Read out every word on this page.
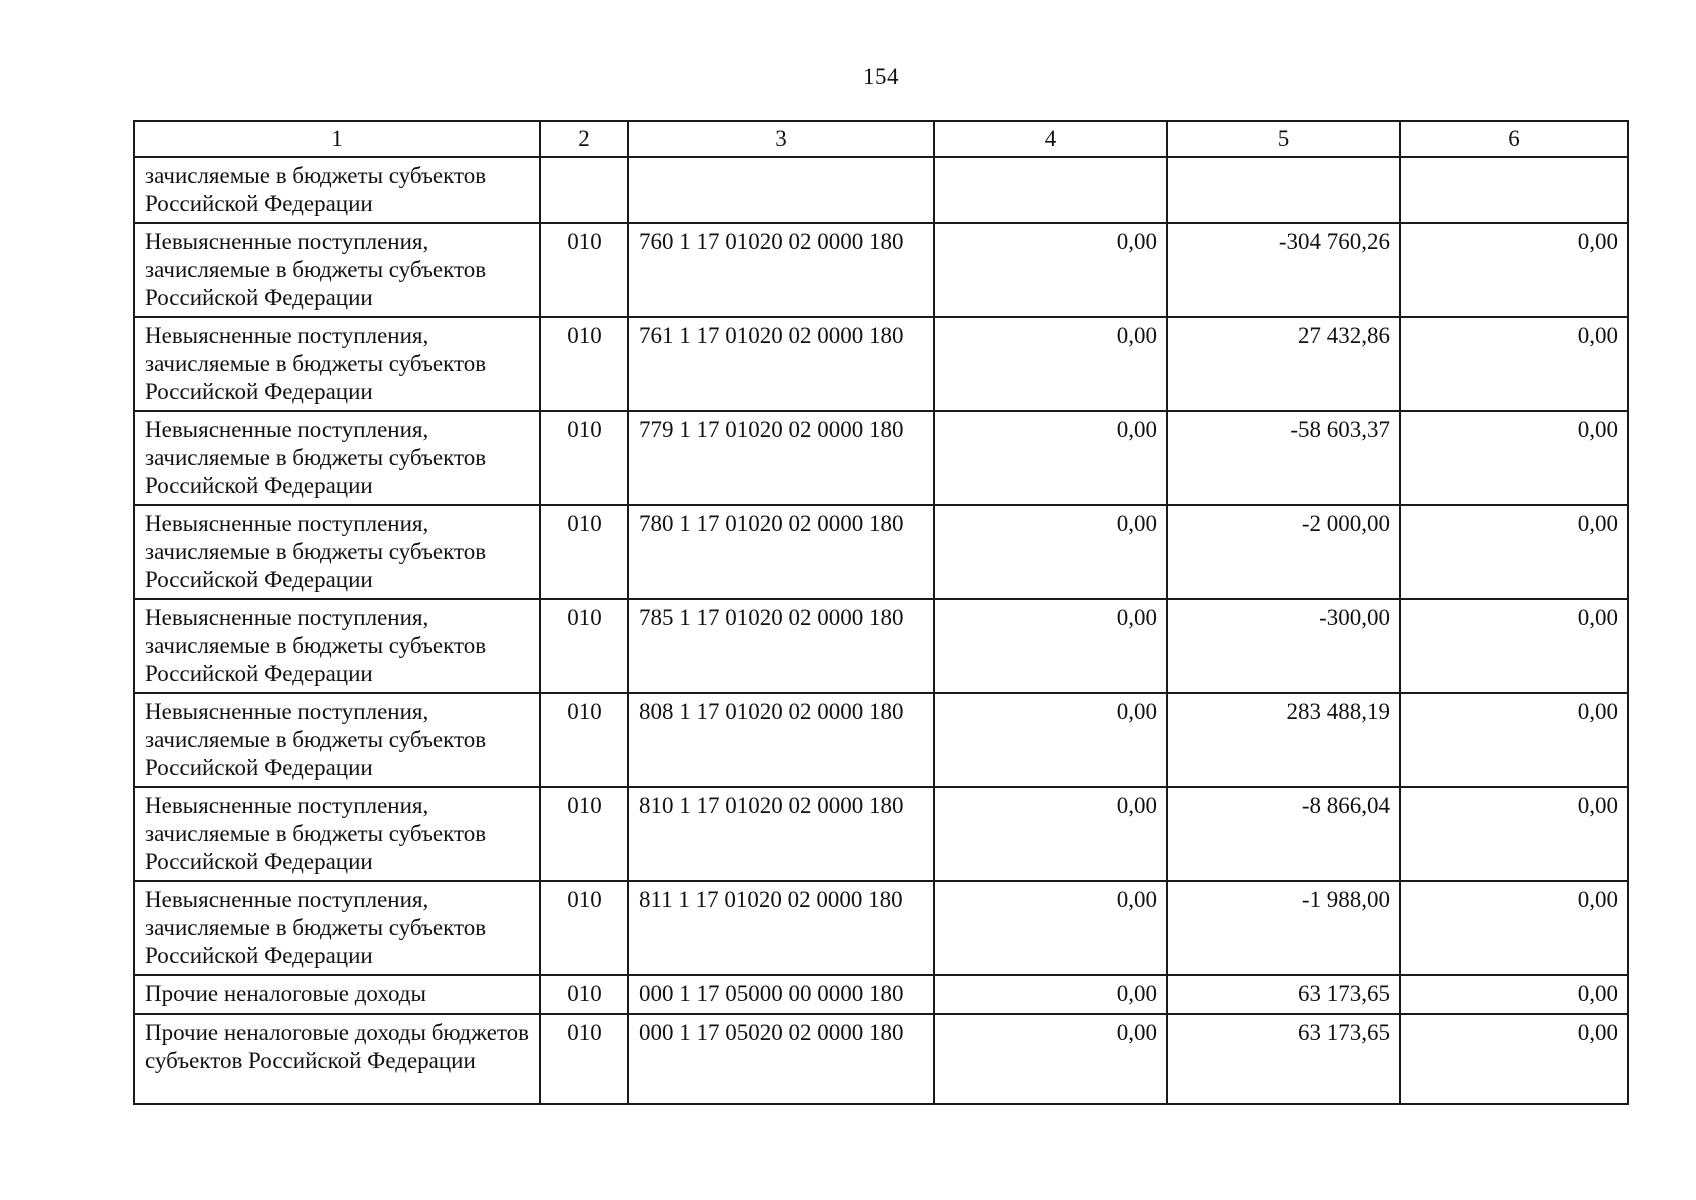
154
1	2	3	4	5	6
зачисляемые в бюджеты субъектов Российской Федерации					
Невыясненные поступления, зачисляемые в бюджеты субъектов Российской Федерации	010	760 1 17 01020 02 0000 180	0,00	-304 760,26	0,00
Невыясненные поступления, зачисляемые в бюджеты субъектов Российской Федерации	010	761 1 17 01020 02 0000 180	0,00	27 432,86	0,00
Невыясненные поступления, зачисляемые в бюджеты субъектов Российской Федерации	010	779 1 17 01020 02 0000 180	0,00	-58 603,37	0,00
Невыясненные поступления, зачисляемые в бюджеты субъектов Российской Федерации	010	780 1 17 01020 02 0000 180	0,00	-2 000,00	0,00
Невыясненные поступления, зачисляемые в бюджеты субъектов Российской Федерации	010	785 1 17 01020 02 0000 180	0,00	-300,00	0,00
Невыясненные поступления, зачисляемые в бюджеты субъектов Российской Федерации	010	808 1 17 01020 02 0000 180	0,00	283 488,19	0,00
Невыясненные поступления, зачисляемые в бюджеты субъектов Российской Федерации	010	810 1 17 01020 02 0000 180	0,00	-8 866,04	0,00
Невыясненные поступления, зачисляемые в бюджеты субъектов Российской Федерации	010	811 1 17 01020 02 0000 180	0,00	-1 988,00	0,00
Прочие неналоговые доходы	010	000 1 17 05000 00 0000 180	0,00	63 173,65	0,00
Прочие неналоговые доходы бюджетов субъектов Российской Федерации	010	000 1 17 05020 02 0000 180	0,00	63 173,65	0,00
